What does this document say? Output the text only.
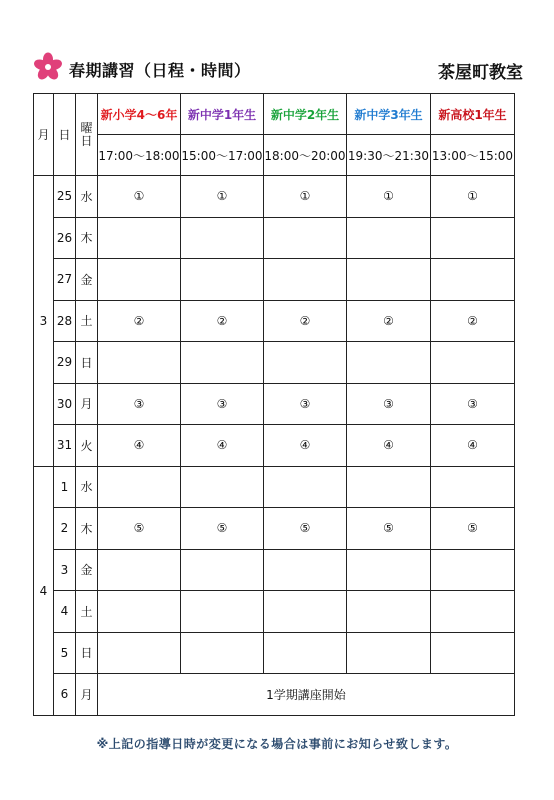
春期講習（日程・時間）	茶屋町教室
月	日	曜日	新小学4〜6年	新中学1年生	新中学2年生	新中学3年生	新高校1年生
			17:00〜18:00	15:00〜17:00	18:00〜20:00	19:30〜21:30	13:00〜15:00
3	25	水	①	①	①	①	①
	26	木					
	27	金					
	28	土	②	②	②	②	②
	29	日					
	30	月	③	③	③	③	③
	31	火	④	④	④	④	④
4	1	水					
	2	木	⑤	⑤	⑤	⑤	⑤
	3	金					
	4	土					
	5	日					
	6	月	1学期講座開始				
※上記の指導日時が変更になる場合は事前にお知らせ致します。
